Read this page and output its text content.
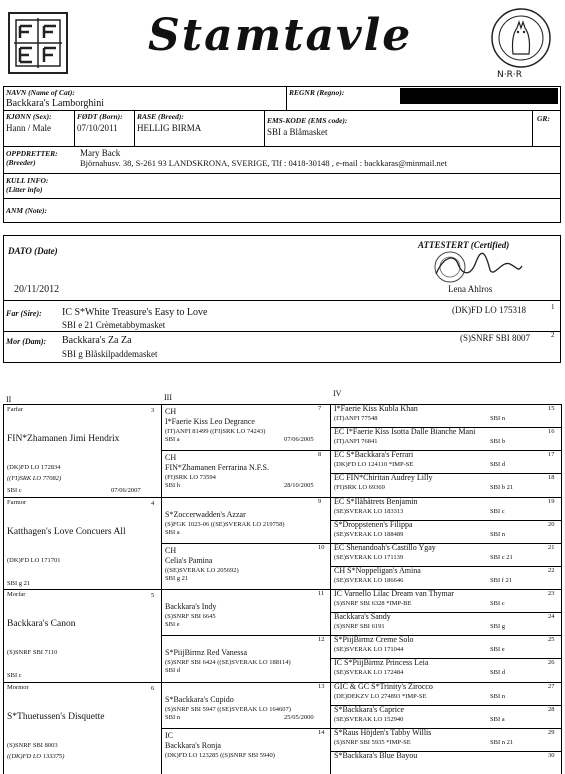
Stamtavle
N·R·R
NAVN (Name of Cat):
Backkara's Lamborghini
REGNR (Regno):
KJØNN (Sex):
Hann / Male
FØDT (Born):
07/10/2011
RASE (Breed):
HELLIG BIRMA
EMS-KODE (EMS code):
SBI a Blåmasket
GR:
OPPDRETTER:
(Breeder)
Mary Back
Björnahusv. 38, S-261 93 LANDSKRONA, SVERIGE, Tlf : 0418-30148 , e-mail : backkaras@minmail.net
KULL INFO:
(Litter info)
ANM (Note):
DATO (Date)
20/11/2012
ATTESTERT (Certified)
Lena Ahlros
Far (Sire): IC S*White Treasure's Easy to Love	(DK)FD LO 175318	1
SBI e 21 Crèmetabbymasket
Mor (Dam): Backkara's Za Za	(S)SNRF SBI 8007	2
SBI g Blåskilpaddemasket
II	III	IV
Farfar	3
FIN*Zhamanen Jimi Hendrix
(DK)FD LO 172834
((FI)SRK LO 77082)
SBI c	07/06/2007
Farmor	4
Katthagen's Love Concuers All
(DK)FD LO 171701
SBI g 21
Morfar	5
Backkara's Canon
(S)SNRF SBI 7110
SBI c
Mormor	6
S*Thuetussen's Disquette
(S)SNRF SBI 8003
((DK)FD LO 133375)
7
CH
I*Faerie Kiss Leo Degrance
(IT)ANFI 81499 ((FI)SRK LO 74243)
SBI a	07/06/2005
8
CH
FIN*Zhamanen Ferrarina N.F.S.
(FI)SRK LO 73594
SBI h	28/10/2005
9
S*Zoccerwadden's Azzar
(S)FGK 1023-06 ((SE)SVERAK LO 219758)
SBI a
10
CH
Celia's Pamina
((SE)SVERAK LO 205692)
SBI g 21
11
Backkara's Indy
(S)SNRF SBI 6645
SBI e
12
S*PiijBirmz Red Vanessa
(S)SNRF SBI 6424 ((SE)SVERAK LO 188114)
SBI d
13
S*Backkara's Cupido
(S)SNRF SBI 5947 ((SE)SVERAK LO 164607)
SBI n	25/05/2000
14
IC
Backkara's Ronja
(DK)FD LO 123285 ((S)SNRF SBI 5940)
I*Faerie Kiss Kubla Khan	15
(IT)ANFI 77548	SBI n
EC I*Faerie Kiss Isotta Dalle Bianche Mani	16
(IT)ANFI 76841	SBI b
EC S*Backkara's Ferrari	17
(DK)FD LO 124110 *IMP-SE	SBI d
EC FIN*Chiritan Audrey Lilly	18
(FI)SRK LO 69369	SBI b 21
EC S*Ilåhåtrets Benjamin	19
(SE)SVERAK LO 183313	SBI c
S*Droppstenen's Filippa	20
(SE)SVERAK LO 188489	SBI n
EC Shenandoah's Castillo Ygay	21
(SE)SVERAK LO 171139	SBI c 21
CH S*Noppeligan's Amina	22
(SE)SVERAK LO 186646	SBI f 21
IC Varnello Lilac Dream van Thymar	23
(S)SNRF SBI 6328 *IMP-BE	SBI c
Backkara's Sandy	24
(S)SNRF SBI 6191	SBI g
S*PiijBirmz Creme Solo	25
(SE)SVERAK LO 171044	SBI e
IC S*PiijBirmz Princess Leia	26
(SE)SVERAK LO 172484	SBI d
GIC & GC S*Trinity's Zirocco	27
(DE)DEKZV LO 274893 *IMP-SE	SBI n
S*Backkara's Caprice	28
(SE)SVERAK LO 152940	SBI a
S*Raus Höjden's Tabby Willis	29
(S)SNRF SBI 5935 *IMP-SE	SBI n 21
S*Backkara's Blue Bayou	30
